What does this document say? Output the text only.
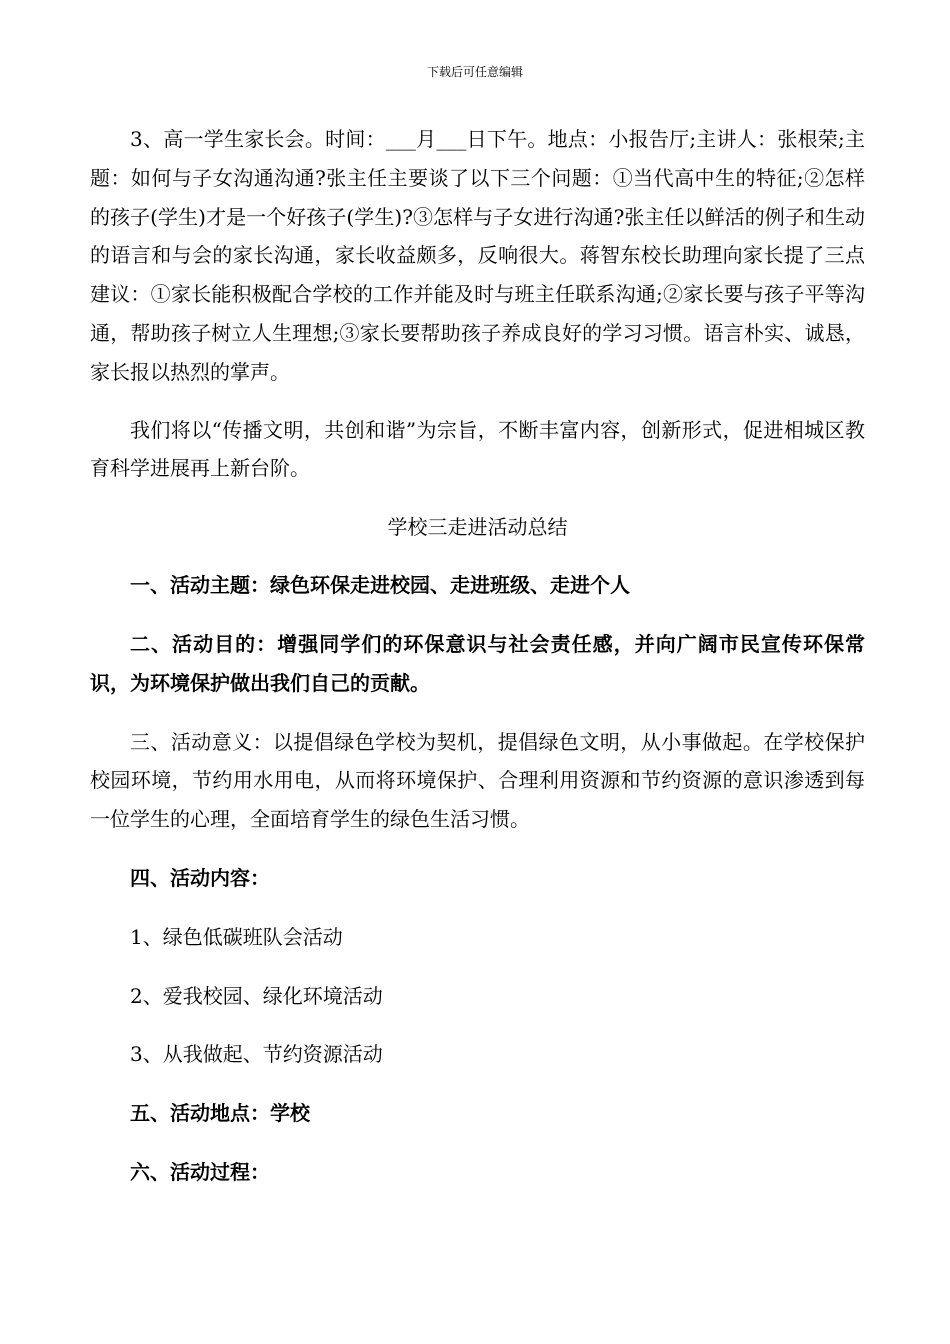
下载后可任意编辑

3、高一学生家长会。时间：___月___日下午。地点：小报告厅;主讲人：张根荣;主题：如何与子女沟通沟通?张主任主要谈了以下三个问题：①当代高中生的特征;②怎样的孩子(学生)才是一个好孩子(学生)?③怎样与子女进行沟通?张主任以鲜活的例子和生动的语言和与会的家长沟通，家长收益颇多，反响很大。蒋智东校长助理向家长提了三点建议：①家长能积极配合学校的工作并能及时与班主任联系沟通;②家长要与孩子平等沟通，帮助孩子树立人生理想;③家长要帮助孩子养成良好的学习习惯。语言朴实、诚恳，家长报以热烈的掌声。

我们将以“传播文明，共创和谐”为宗旨，不断丰富内容，创新形式，促进相城区教育科学进展再上新台阶。

学校三走进活动总结

一、活动主题：绿色环保走进校园、走进班级、走进个人

二、活动目的：增强同学们的环保意识与社会责任感，并向广阔市民宣传环保常识，为环境保护做出我们自己的贡献。

三、活动意义：以提倡绿色学校为契机，提倡绿色文明，从小事做起。在学校保护校园环境，节约用水用电，从而将环境保护、合理利用资源和节约资源的意识渗透到每一位学生的心理，全面培育学生的绿色生活习惯。

四、活动内容：

1、绿色低碳班队会活动

2、爱我校园、绿化环境活动

3、从我做起、节约资源活动

五、活动地点：学校

六、活动过程：
